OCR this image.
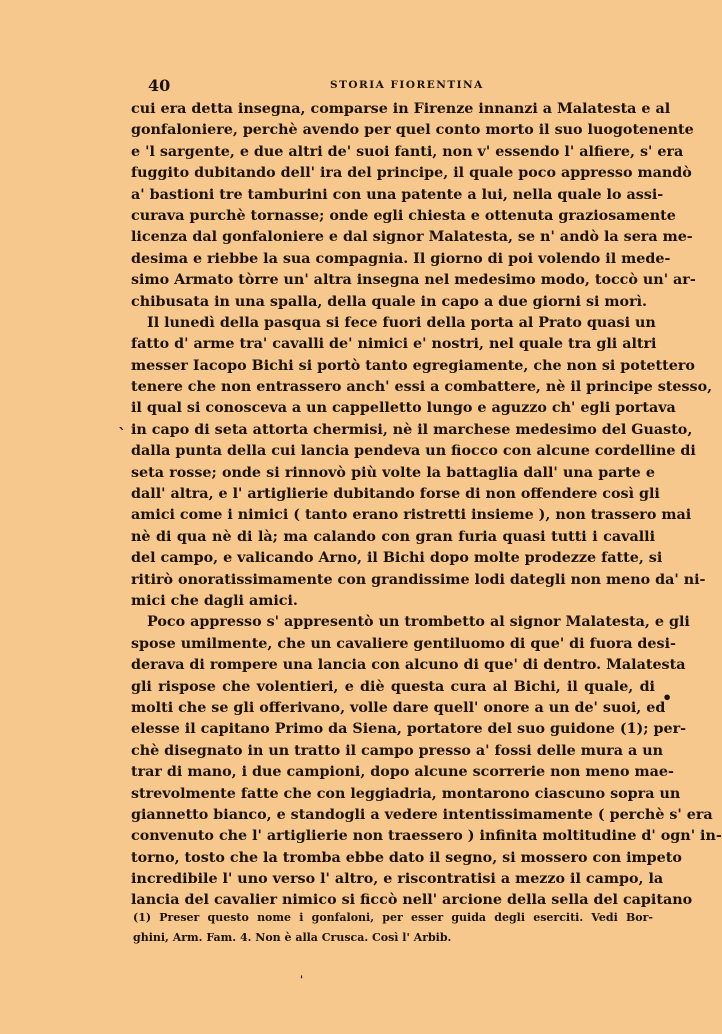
40	STORIA FIORENTINA
cui era detta insegna, comparse in Firenze innanzi a Malatesta e al
gonfaloniere, perchè avendo per quel conto morto il suo luogotenente
e 'l sargente, e due altri de' suoi fanti, non v' essendo l' alfiere, s' era
fuggito dubitando dell' ira del principe, il quale poco appresso mandò
a' bastioni tre tamburini con una patente a lui, nella quale lo assi-
curava purchè tornasse; onde egli chiesta e ottenuta graziosamente
licenza dal gonfaloniere e dal signor Malatesta, se n' andò la sera me-
desima e riebbe la sua compagnia. Il giorno di poi volendo il mede-
simo Armato tòrre un' altra insegna nel medesimo modo, toccò un' ar-
chibusata in una spalla, della quale in capo a due giorni si morì.
Il lunedì della pasqua si fece fuori della porta al Prato quasi un
fatto d' arme tra' cavalli de' nimici e' nostri, nel quale tra gli altri
messer Iacopo Bichi si portò tanto egregiamente, che non si potettero
tenere che non entrassero anch' essi a combattere, nè il principe stesso,
il qual si conosceva a un cappelletto lungo e aguzzo ch' egli portava
in capo di seta attorta chermisi, nè il marchese medesimo del Guasto,
dalla punta della cui lancia pendeva un fiocco con alcune cordelline di
seta rosse; onde si rinnovò più volte la battaglia dall' una parte e
dall' altra, e l' artiglierie dubitando forse di non offendere così gli
amici come i nimici ( tanto erano ristretti insieme ), non trassero mai
nè di qua nè di là; ma calando con gran furia quasi tutti i cavalli
del campo, e valicando Arno, il Bichi dopo molte prodezze fatte, si
ritirò onoratissimamente con grandissime lodi dategli non meno da' ni-
mici che dagli amici.
Poco appresso s' appresentò un trombetto al signor Malatesta, e gli
spose umilmente, che un cavaliere gentiluomo di que' di fuora desi-
derava di rompere una lancia con alcuno di que' di dentro. Malatesta
gli rispose che volentieri, e diè questa cura al Bichi, il quale, di
molti che se gli offerivano, volle dare quell' onore a un de' suoi, ed
elesse il capitano Primo da Siena, portatore del suo guidone (1); per-
chè disegnato in un tratto il campo presso a' fossi delle mura a un
trar di mano, i due campioni, dopo alcune scorrerie non meno mae-
strevolmente fatte che con leggiadria, montarono ciascuno sopra un
giannetto bianco, e standogli a vedere intentissimamente ( perchè s' era
convenuto che l' artiglierie non traessero ) infinita moltitudine d' ogn' in-
torno, tosto che la tromba ebbe dato il segno, si mossero con impeto
incredibile l' uno verso l' altro, e riscontratisi a mezzo il campo, la
lancia del cavalier nimico si ficcò nell' arcione della sella del capitano
(1) Preser questo nome i gonfaloni, per esser guida degli eserciti. Vedi Bor-
ghini, Arm. Fam. 4. Non è alla Crusca. Così l' Arbib.
`
•
'
